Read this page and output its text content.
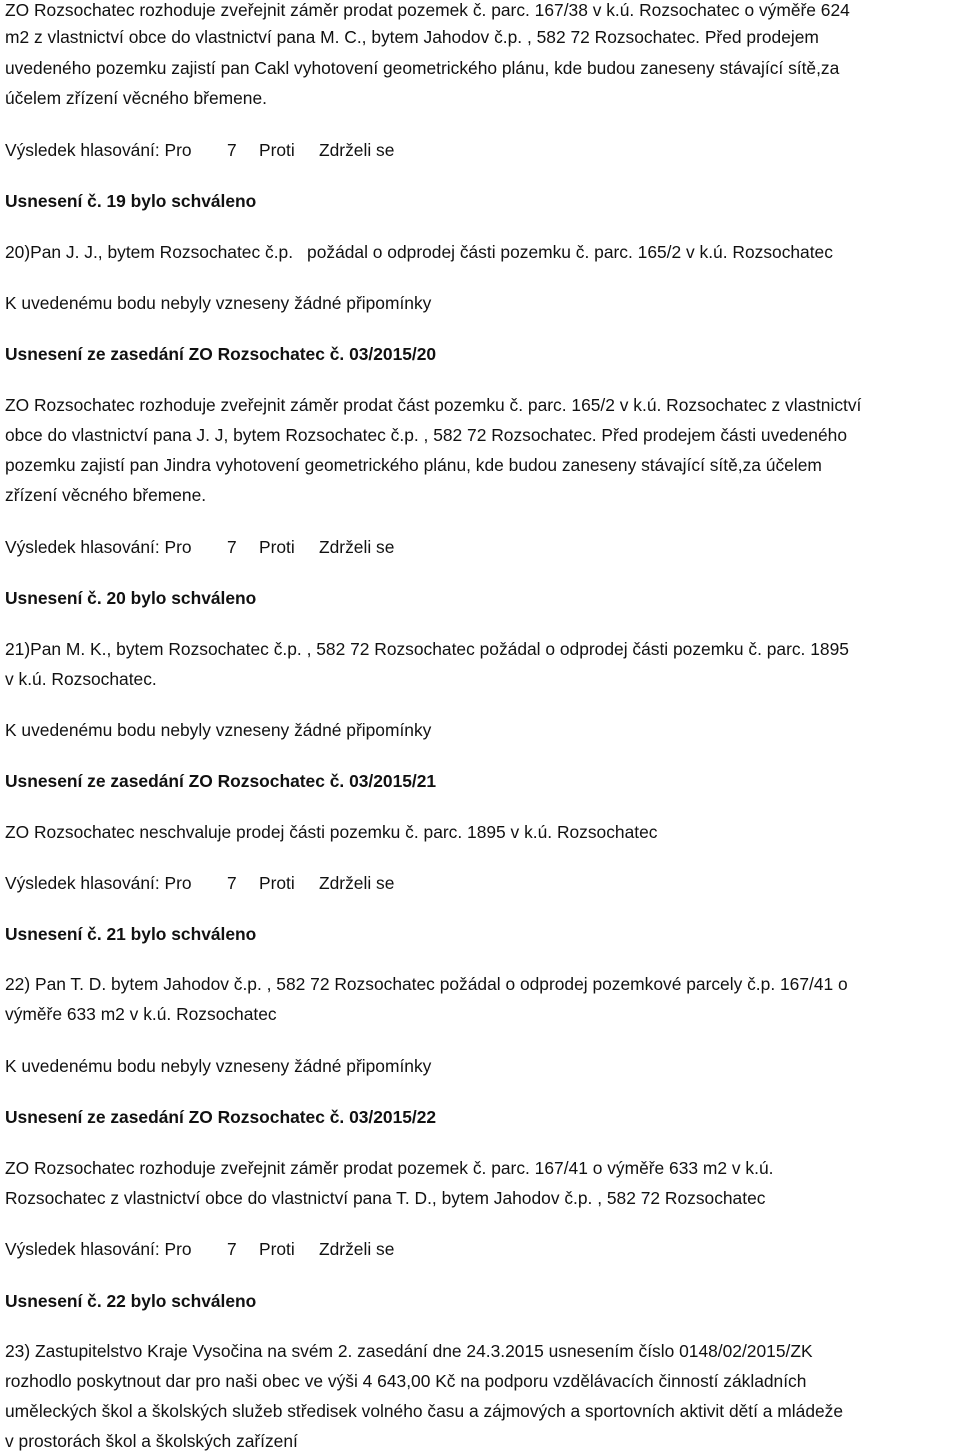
ZO Rozsochatec rozhoduje zveřejnit záměr prodat pozemek č. parc. 167/38 v k.ú. Rozsochatec o výměře 624
m2 z vlastnictví obce do vlastnictví pana M. C., bytem Jahodov č.p. , 582 72 Rozsochatec. Před prodejem
uvedeného pozemku zajistí pan Cakl vyhotovení geometrického plánu, kde budou zaneseny stávající sítě,za
účelem zřízení věcného břemene.
Výsledek hlasování: Pro 7 Proti Zdrželi se
Usnesení č. 19 bylo schváleno
20)Pan J. J., bytem Rozsochatec č.p. požádal o odprodej části pozemku č. parc. 165/2 v k.ú. Rozsochatec
K uvedenému bodu nebyly vzneseny žádné připomínky
Usnesení ze zasedání ZO Rozsochatec č. 03/2015/20
ZO Rozsochatec rozhoduje zveřejnit záměr prodat část pozemku č. parc. 165/2 v k.ú. Rozsochatec z vlastnictví
obce do vlastnictví pana J. J, bytem Rozsochatec č.p. , 582 72 Rozsochatec. Před prodejem části uvedeného
pozemku zajistí pan Jindra vyhotovení geometrického plánu, kde budou zaneseny stávající sítě,za účelem
zřízení věcného břemene.
Výsledek hlasování: Pro 7 Proti Zdrželi se
Usnesení č. 20 bylo schváleno
21)Pan M. K., bytem Rozsochatec č.p. , 582 72 Rozsochatec požádal o odprodej části pozemku č. parc. 1895
v k.ú. Rozsochatec.
K uvedenému bodu nebyly vzneseny žádné připomínky
Usnesení ze zasedání ZO Rozsochatec č. 03/2015/21
ZO Rozsochatec neschvaluje prodej části pozemku č. parc. 1895 v k.ú. Rozsochatec
Výsledek hlasování: Pro 7 Proti Zdrželi se
Usnesení č. 21 bylo schváleno
22) Pan T. D. bytem Jahodov č.p. , 582 72 Rozsochatec požádal o odprodej pozemkové parcely č.p. 167/41 o
výměře 633 m2 v k.ú. Rozsochatec
K uvedenému bodu nebyly vzneseny žádné připomínky
Usnesení ze zasedání ZO Rozsochatec č. 03/2015/22
ZO Rozsochatec rozhoduje zveřejnit záměr prodat pozemek č. parc. 167/41 o výměře 633 m2 v k.ú.
Rozsochatec z vlastnictví obce do vlastnictví pana T. D., bytem Jahodov č.p. , 582 72 Rozsochatec
Výsledek hlasování: Pro 7 Proti Zdrželi se
Usnesení č. 22 bylo schváleno
23) Zastupitelstvo Kraje Vysočina na svém 2. zasedání dne 24.3.2015 usnesením číslo 0148/02/2015/ZK
rozhodlo poskytnout dar pro naši obec ve výši 4 643,00 Kč na podporu vzdělávacích činností základních
uměleckých škol a školských služeb středisek volného času a zájmových a sportovních aktivit dětí a mládeže
v prostorách škol a školských zařízení
